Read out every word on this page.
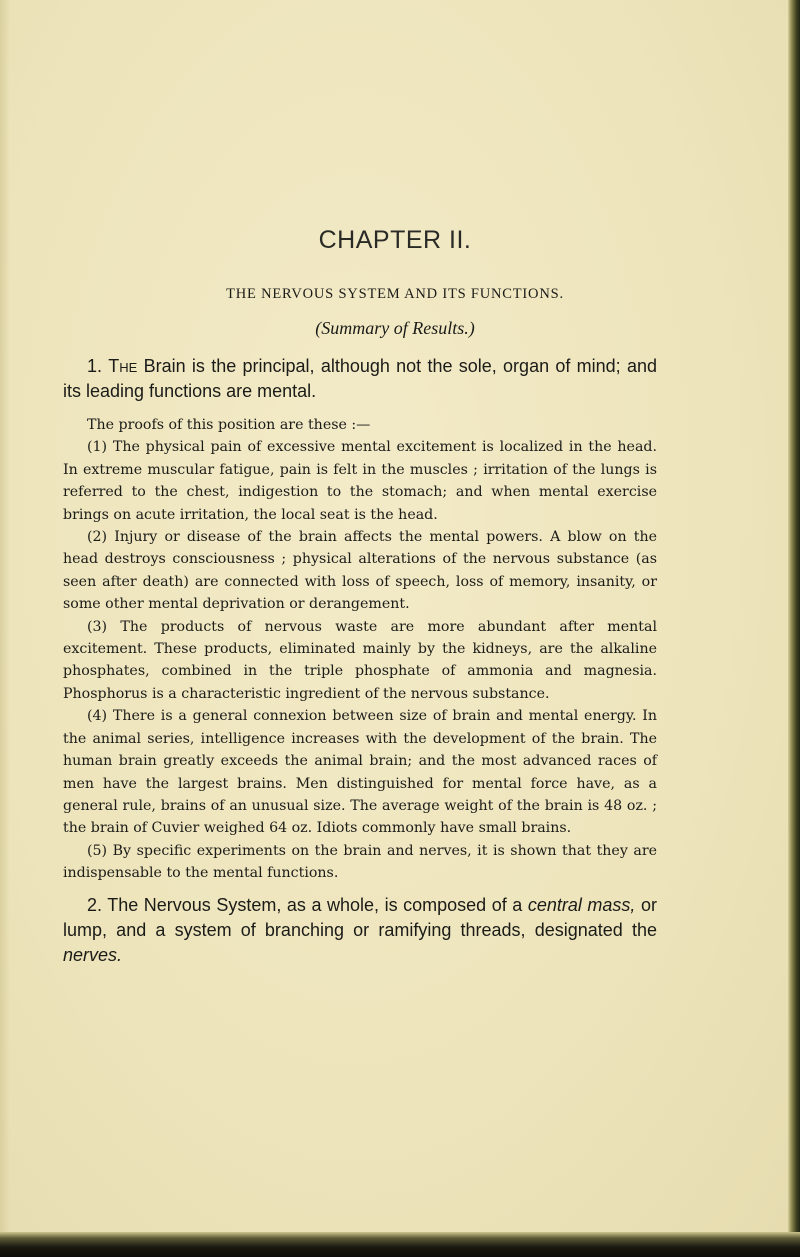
CHAPTER II.
THE NERVOUS SYSTEM AND ITS FUNCTIONS.
(Summary of Results.)

1. The Brain is the principal, although not the sole, organ of mind; and its leading functions are mental.

The proofs of this position are these :—

(1) The physical pain of excessive mental excitement is localized in the head. In extreme muscular fatigue, pain is felt in the muscles ; irritation of the lungs is referred to the chest, indigestion to the stomach; and when mental exercise brings on acute irritation, the local seat is the head.

(2) Injury or disease of the brain affects the mental powers. A blow on the head destroys consciousness ; physical alterations of the nervous substance (as seen after death) are connected with loss of speech, loss of memory, insanity, or some other mental deprivation or derangement.

(3) The products of nervous waste are more abundant after mental excitement. These products, eliminated mainly by the kidneys, are the alkaline phosphates, combined in the triple phosphate of ammonia and magnesia. Phosphorus is a characteristic ingredient of the nervous substance.

(4) There is a general connexion between size of brain and mental energy. In the animal series, intelligence increases with the development of the brain. The human brain greatly exceeds the animal brain; and the most advanced races of men have the largest brains. Men distinguished for mental force have, as a general rule, brains of an unusual size. The average weight of the brain is 48 oz. ; the brain of Cuvier weighed 64 oz. Idiots commonly have small brains.

(5) By specific experiments on the brain and nerves, it is shown that they are indispensable to the mental functions.

2. The Nervous System, as a whole, is composed of a central mass, or lump, and a system of branching or ramifying threads, designated the nerves.
